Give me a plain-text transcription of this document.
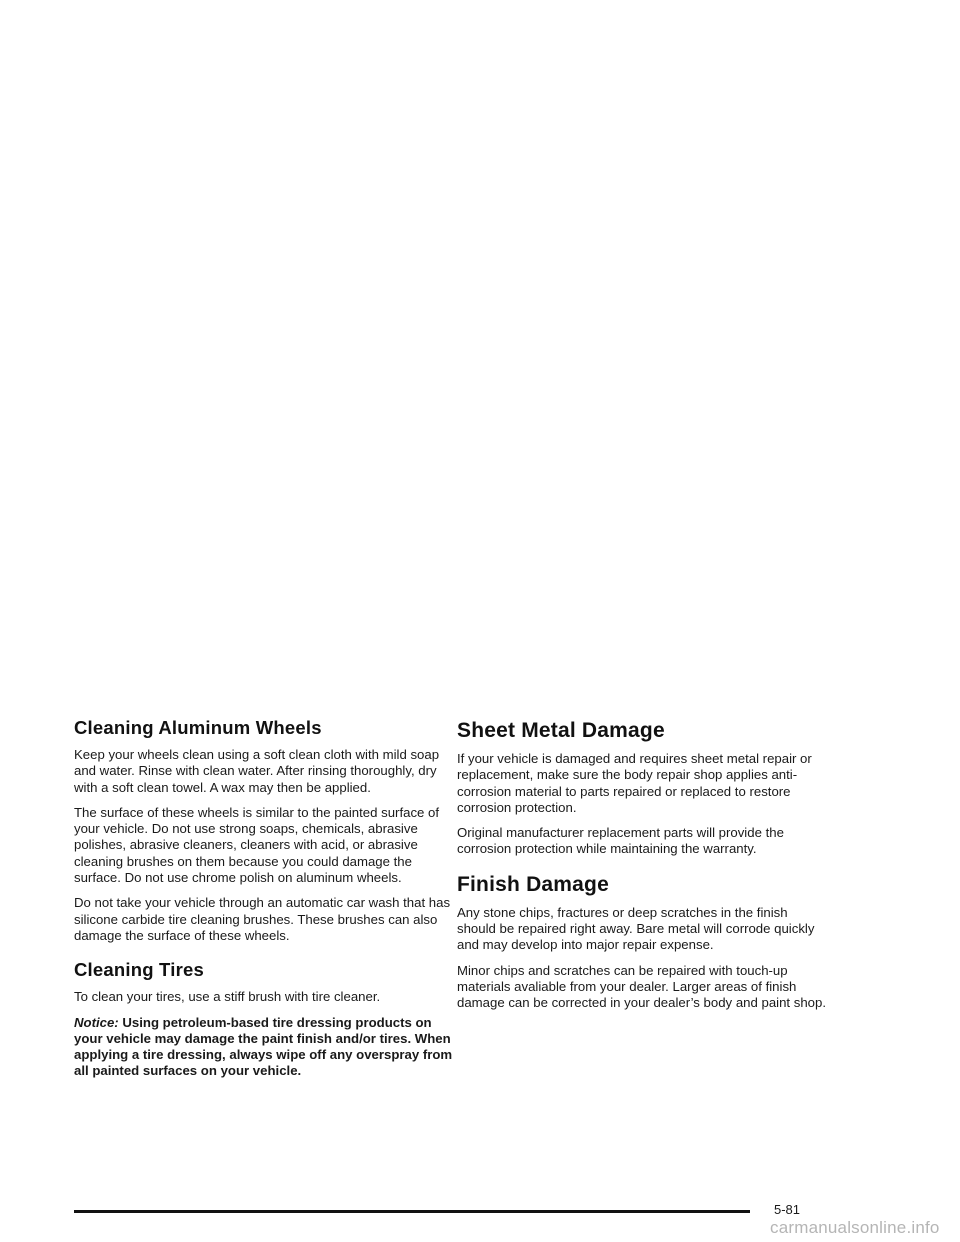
Cleaning Aluminum Wheels

Keep your wheels clean using a soft clean cloth with mild soap and water. Rinse with clean water. After rinsing thoroughly, dry with a soft clean towel. A wax may then be applied.

The surface of these wheels is similar to the painted surface of your vehicle. Do not use strong soaps, chemicals, abrasive polishes, abrasive cleaners, cleaners with acid, or abrasive cleaning brushes on them because you could damage the surface. Do not use chrome polish on aluminum wheels.

Do not take your vehicle through an automatic car wash that has silicone carbide tire cleaning brushes. These brushes can also damage the surface of these wheels.

Cleaning Tires

To clean your tires, use a stiff brush with tire cleaner.

Notice: Using petroleum-based tire dressing products on your vehicle may damage the paint finish and/or tires. When applying a tire dressing, always wipe off any overspray from all painted surfaces on your vehicle.

Sheet Metal Damage

If your vehicle is damaged and requires sheet metal repair or replacement, make sure the body repair shop applies anti-corrosion material to parts repaired or replaced to restore corrosion protection.

Original manufacturer replacement parts will provide the corrosion protection while maintaining the warranty.

Finish Damage

Any stone chips, fractures or deep scratches in the finish should be repaired right away. Bare metal will corrode quickly and may develop into major repair expense.

Minor chips and scratches can be repaired with touch-up materials avaliable from your dealer. Larger areas of finish damage can be corrected in your dealer’s body and paint shop.

5-81
carmanualsonline.info
